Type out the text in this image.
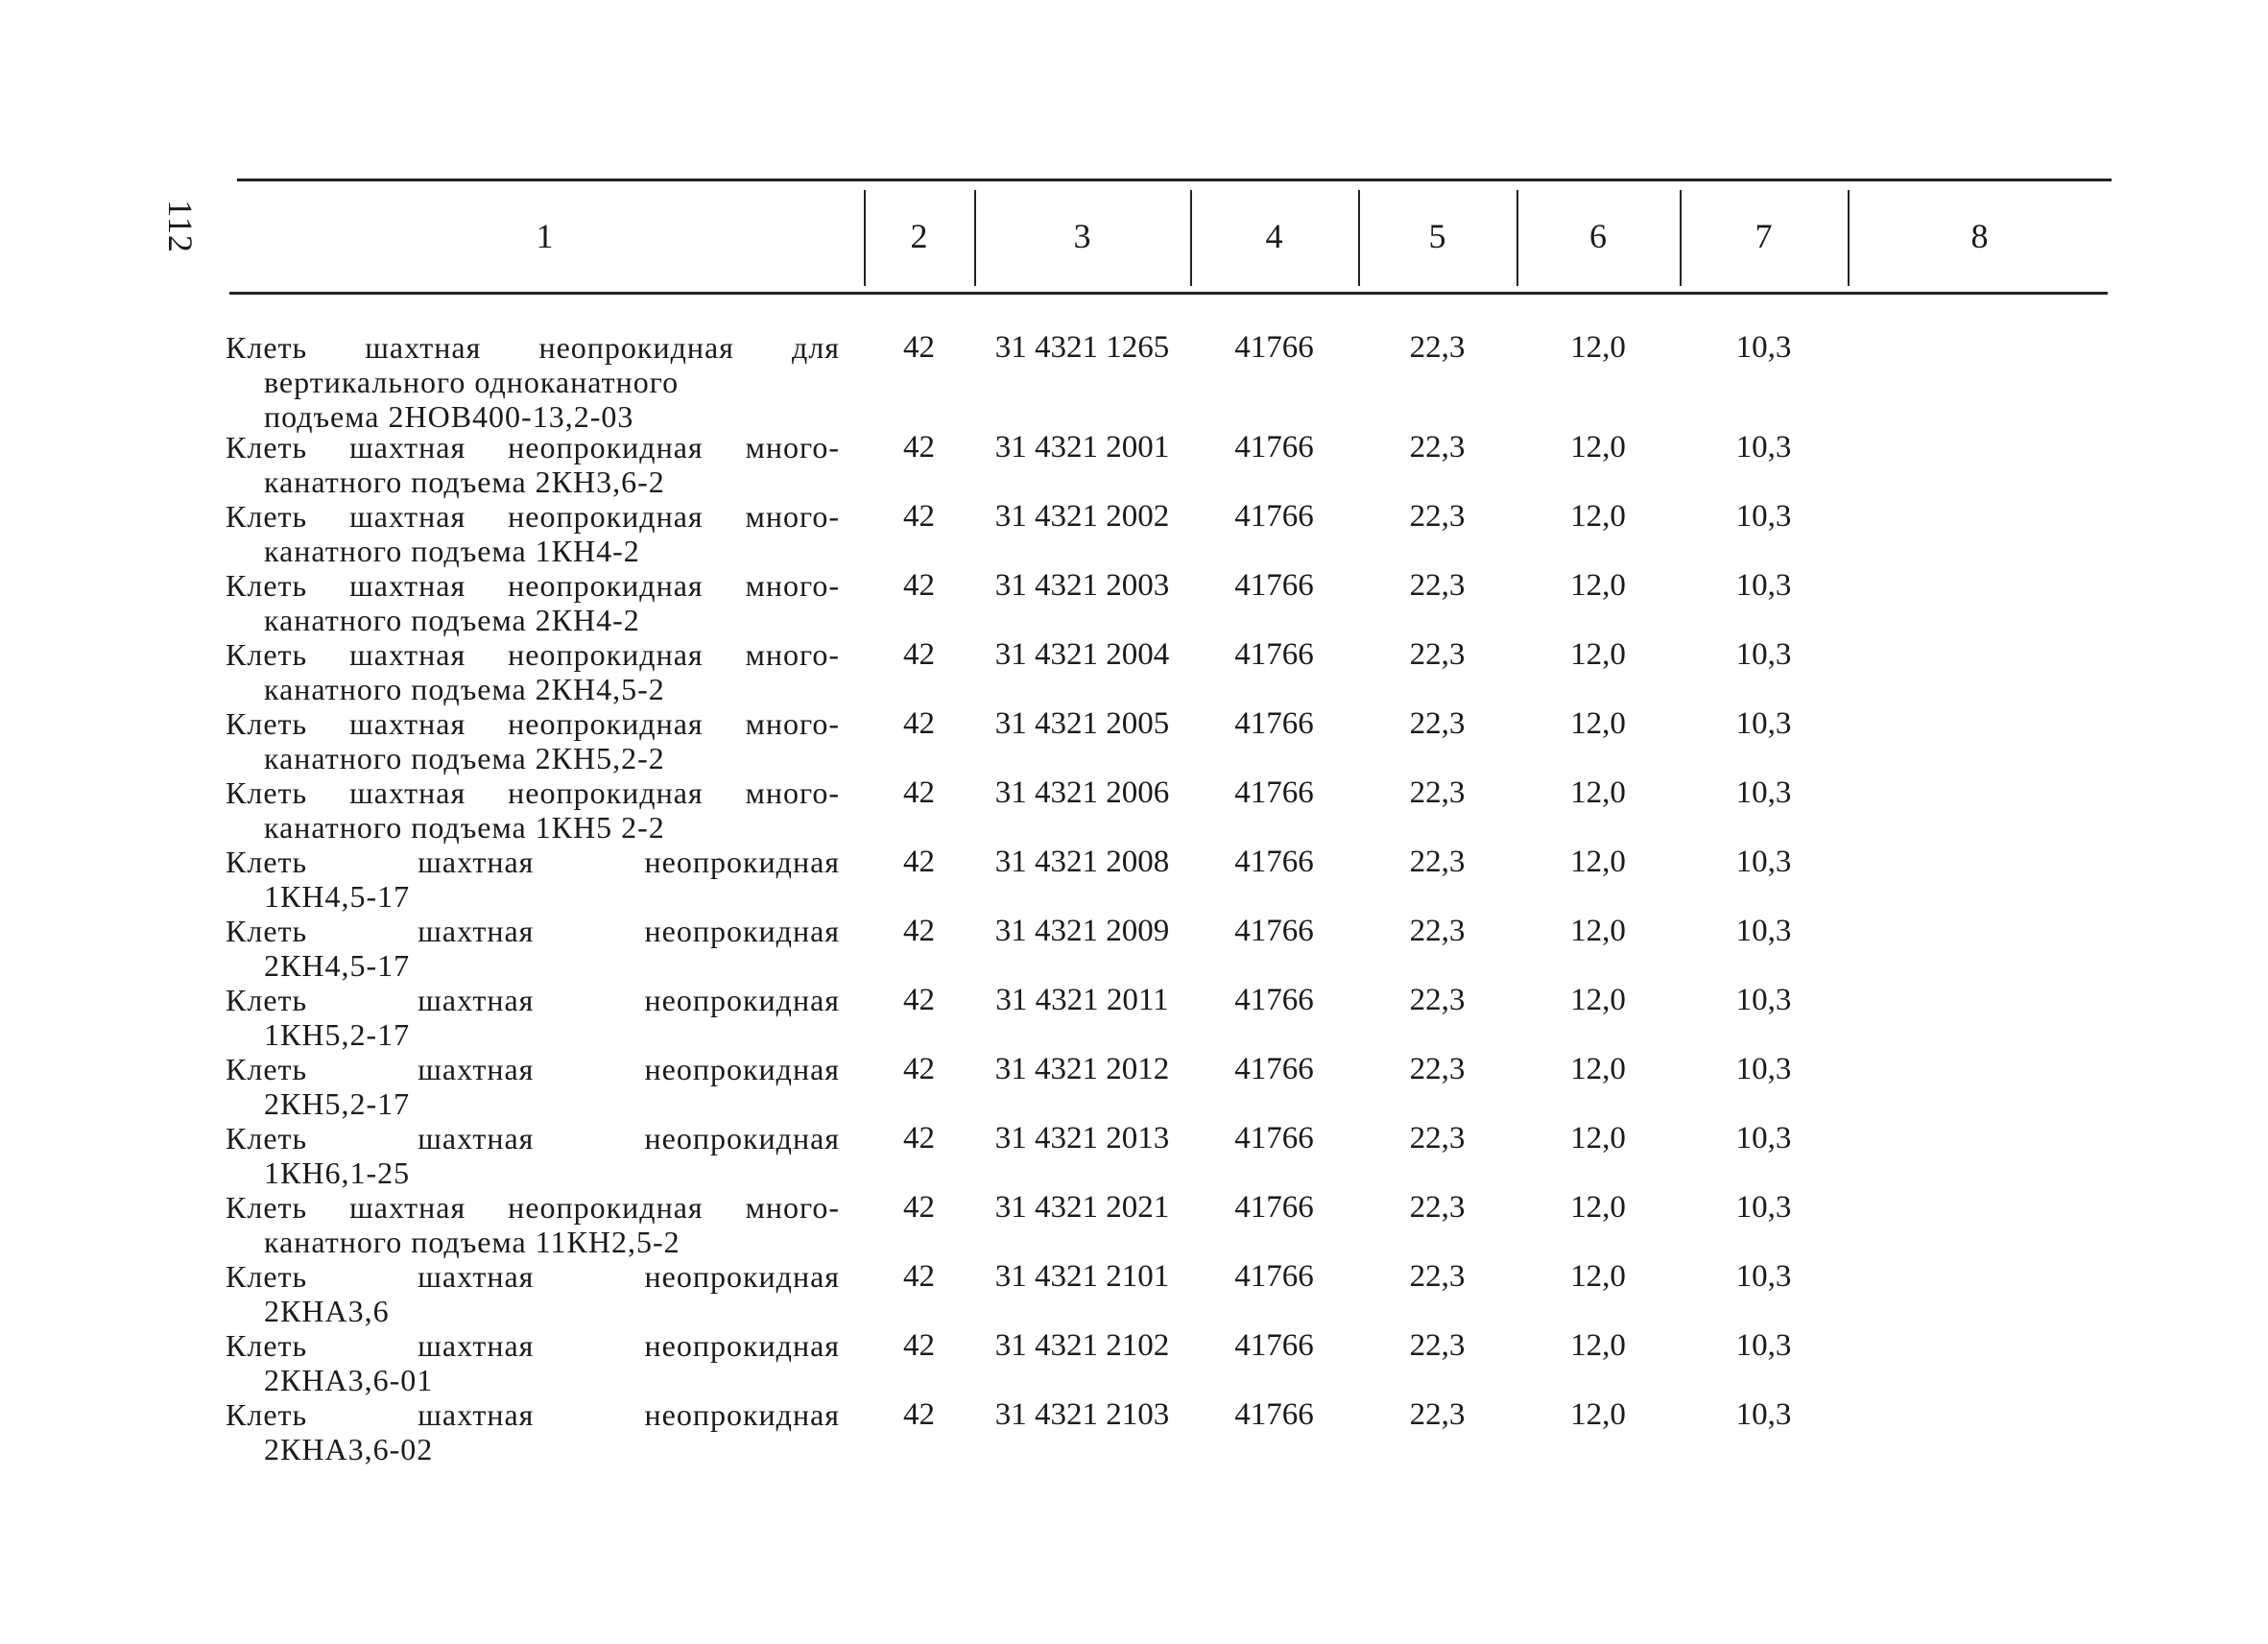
112	1	2	3	4	5	6	7	8
Клеть шахтная неопрокидная для
вертикального одноканатного
подъема 2НОВ400-13,2-03
42	31 4321 1265	41766	22,3	12,0	10,3
Клеть шахтная неопрокидная много-
канатного подъема 2КН3,6-2
42	31 4321 2001	41766	22,3	12,0	10,3
Клеть шахтная неопрокидная много-
канатного подъема 1КН4-2
42	31 4321 2002	41766	22,3	12,0	10,3
Клеть шахтная неопрокидная много-
канатного подъема 2КН4-2
42	31 4321 2003	41766	22,3	12,0	10,3
Клеть шахтная неопрокидная много-
канатного подъема 2КН4,5-2
42	31 4321 2004	41766	22,3	12,0	10,3
Клеть шахтная неопрокидная много-
канатного подъема 2КН5,2-2
42	31 4321 2005	41766	22,3	12,0	10,3
Клеть шахтная неопрокидная много-
канатного подъема 1КН5 2-2
42	31 4321 2006	41766	22,3	12,0	10,3
Клеть шахтная неопрокидная
1КН4,5-17
42	31 4321 2008	41766	22,3	12,0	10,3
Клеть шахтная неопрокидная
2КН4,5-17
42	31 4321 2009	41766	22,3	12,0	10,3
Клеть шахтная неопрокидная
1КН5,2-17
42	31 4321 2011	41766	22,3	12,0	10,3
Клеть шахтная неопрокидная
2КН5,2-17
42	31 4321 2012	41766	22,3	12,0	10,3
Клеть шахтная неопрокидная
1КН6,1-25
42	31 4321 2013	41766	22,3	12,0	10,3
Клеть шахтная неопрокидная много-
канатного подъема 11КН2,5-2
42	31 4321 2021	41766	22,3	12,0	10,3
Клеть шахтная неопрокидная
2КНА3,6
42	31 4321 2101	41766	22,3	12,0	10,3
Клеть шахтная неопрокидная
2КНА3,6-01
42	31 4321 2102	41766	22,3	12,0	10,3
Клеть шахтная неопрокидная
2КНА3,6-02
42	31 4321 2103	41766	22,3	12,0	10,3
